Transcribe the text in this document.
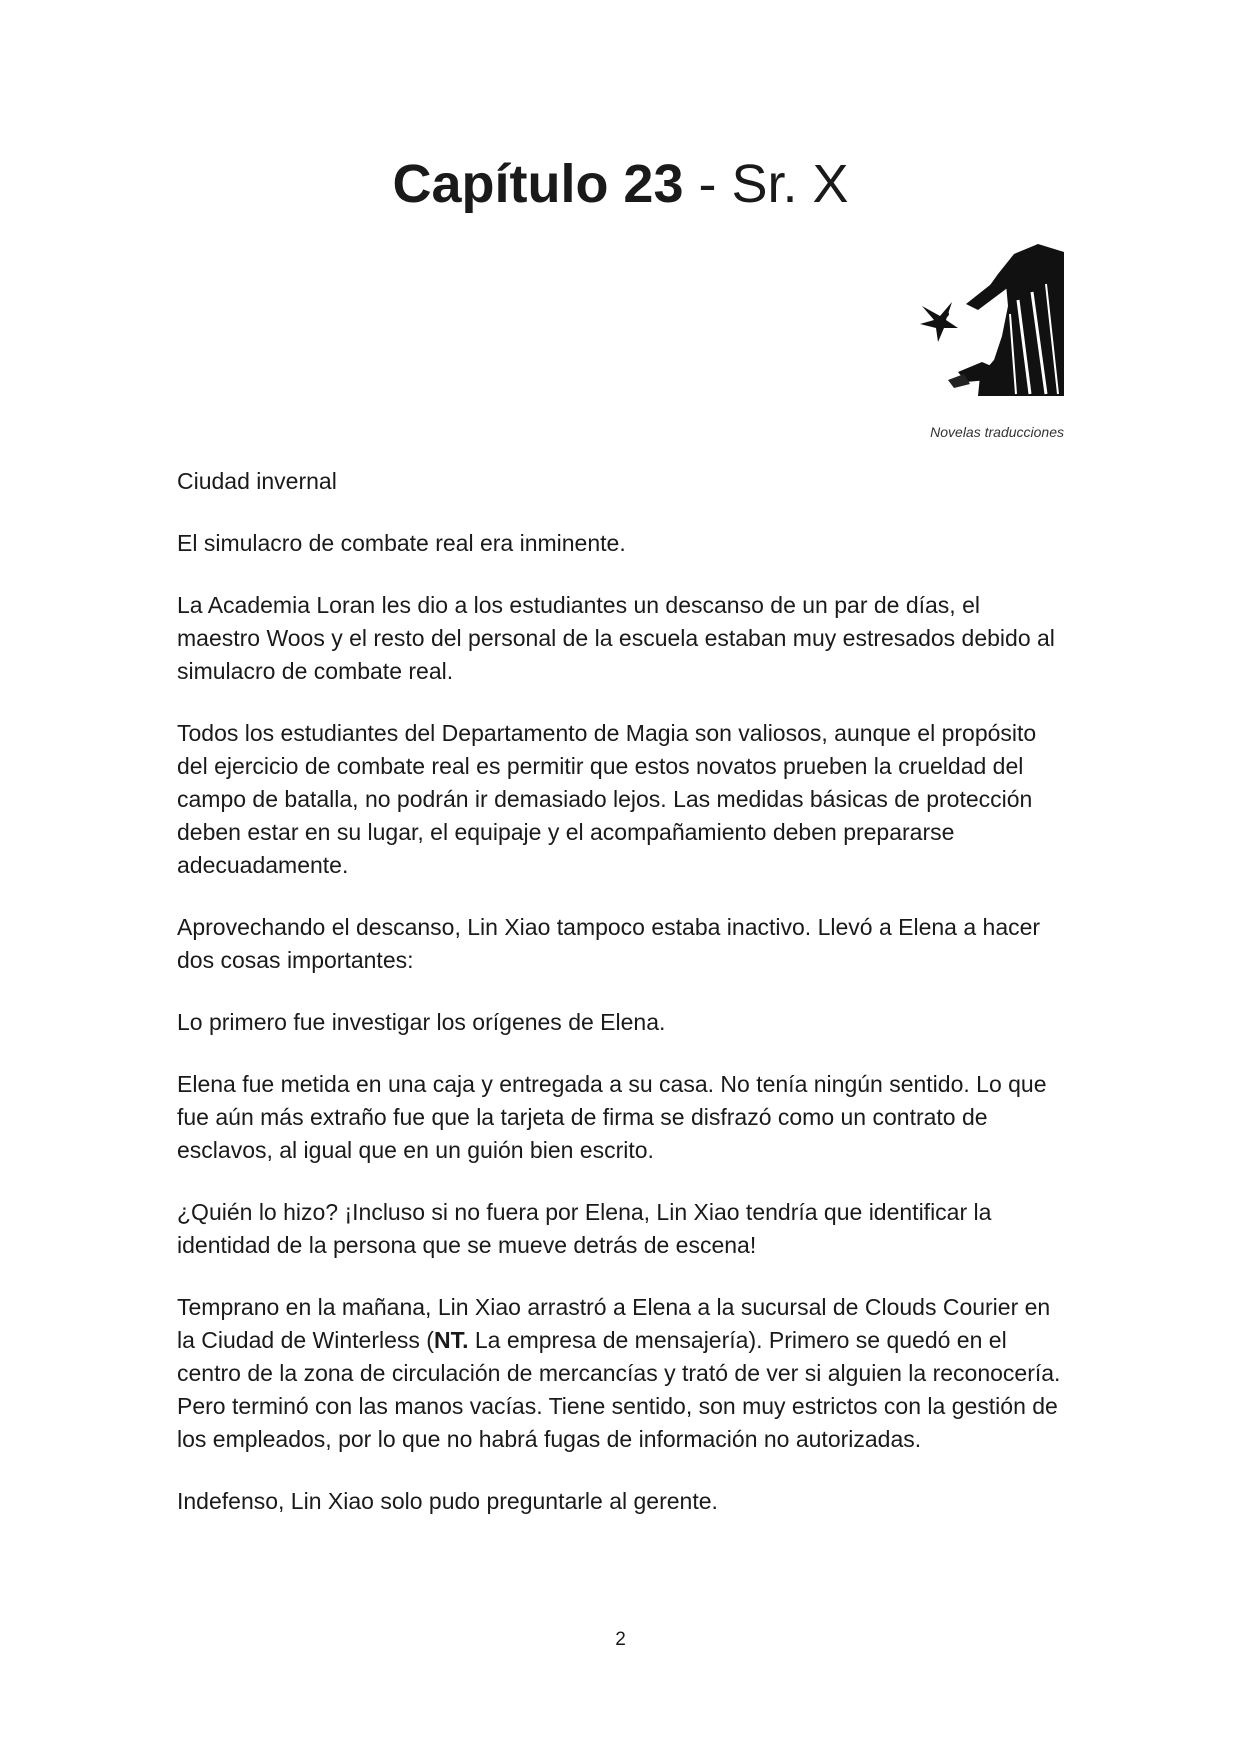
Capítulo 23 - Sr. X
Novelas traducciones

Ciudad invernal

El simulacro de combate real era inminente.

La Academia Loran les dio a los estudiantes un descanso de un par de días, el maestro Woos y el resto del personal de la escuela estaban muy estresados debido al simulacro de combate real.

Todos los estudiantes del Departamento de Magia son valiosos, aunque el propósito del ejercicio de combate real es permitir que estos novatos prueben la crueldad del campo de batalla, no podrán ir demasiado lejos. Las medidas básicas de protección deben estar en su lugar, el equipaje y el acompañamiento deben prepararse adecuadamente.

Aprovechando el descanso, Lin Xiao tampoco estaba inactivo. Llevó a Elena a hacer dos cosas importantes:

Lo primero fue investigar los orígenes de Elena.

Elena fue metida en una caja y entregada a su casa. No tenía ningún sentido. Lo que fue aún más extraño fue que la tarjeta de firma se disfrazó como un contrato de esclavos, al igual que en un guión bien escrito.

¿Quién lo hizo? ¡Incluso si no fuera por Elena, Lin Xiao tendría que identificar la identidad de la persona que se mueve detrás de escena!

Temprano en la mañana, Lin Xiao arrastró a Elena a la sucursal de Clouds Courier en la Ciudad de Winterless (NT. La empresa de mensajería). Primero se quedó en el centro de la zona de circulación de mercancías y trató de ver si alguien la reconocería. Pero terminó con las manos vacías. Tiene sentido, son muy estrictos con la gestión de los empleados, por lo que no habrá fugas de información no autorizadas.

Indefenso, Lin Xiao solo pudo preguntarle al gerente.

2
